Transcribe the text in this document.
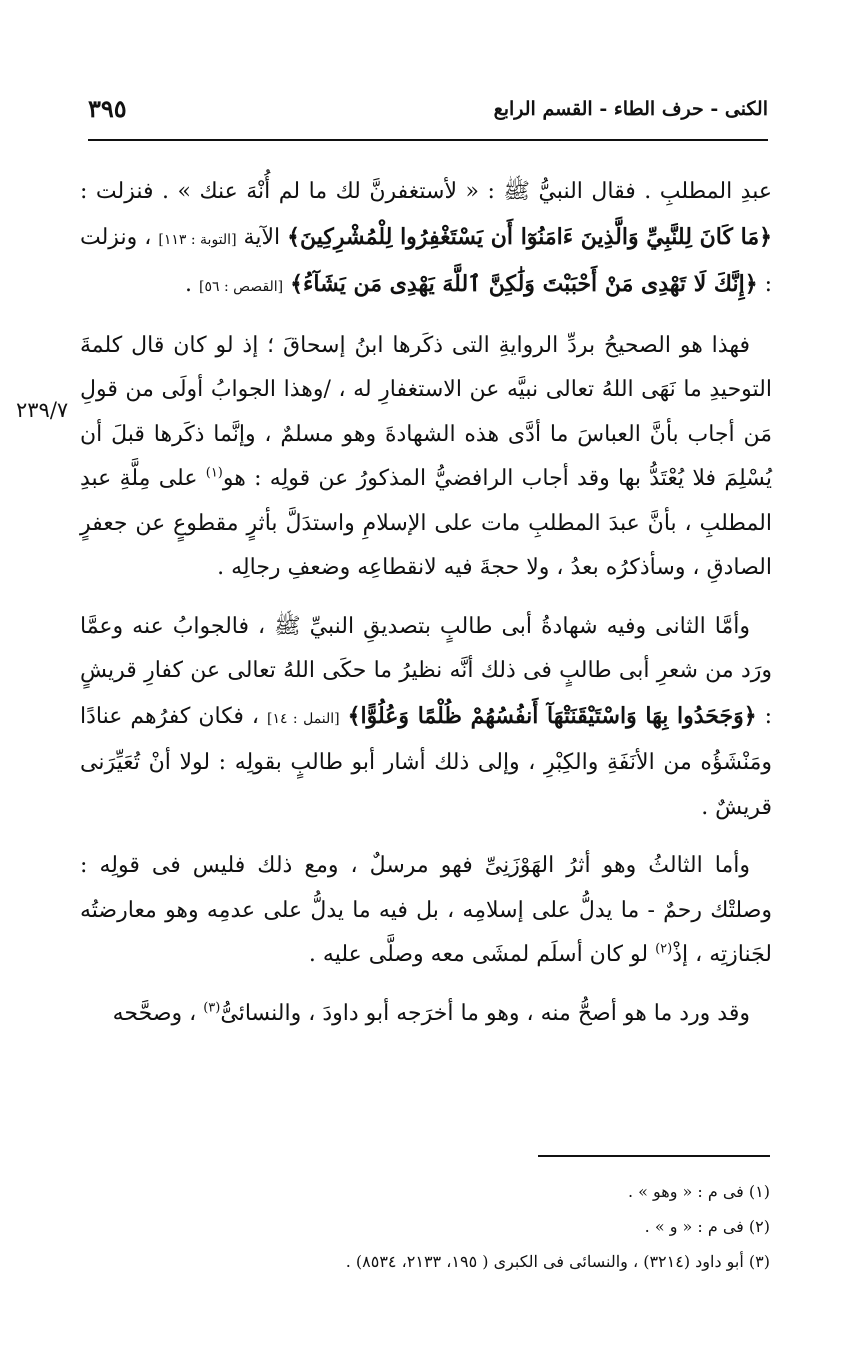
الكنى - حرف الطاء - القسم الرابع
٣٩٥
٢٣٩/٧

عبدِ المطلبِ . فقال النبيُّ ﷺ : « لأستغفرنَّ لك ما لم أُنْهَ عنك » . فنزلت : ﴿مَا كَانَ لِلنَّبِيِّ وَالَّذِينَ ءَامَنُوٓا أَن يَسْتَغْفِرُوا لِلْمُشْرِكِينَ﴾ الآية [التوبة : ١١٣] ، ونزلت : ﴿إِنَّكَ لَا تَهْدِى مَنْ أَحْبَبْتَ وَلَٰكِنَّ ٱللَّهَ يَهْدِى مَن يَشَآءُ﴾ [القصص : ٥٦] .

فهذا هو الصحيحُ بردِّ الروايةِ التى ذكَرها ابنُ إسحاقَ ؛ إذ لو كان قال كلمةَ التوحيدِ ما نَهَى اللهُ تعالى نبيَّه عن الاستغفارِ له ، /وهذا الجوابُ أولَى من قولِ مَن أجاب بأنَّ العباسَ ما أدَّى هذه الشهادةَ وهو مسلمٌ ، وإنَّما ذكَرها قبلَ أن يُسْلِمَ فلا يُعْتَدُّ بها وقد أجاب الرافضيُّ المذكورُ عن قولِه : هو$^{(١)}$ على مِلَّةِ عبدِ المطلبِ ، بأنَّ عبدَ المطلبِ مات على الإسلامِ واستدَلَّ بأثرٍ مقطوعٍ عن جعفرٍ الصادقِ ، وسأذكرُه بعدُ ، ولا حجةَ فيه لانقطاعِه وضعفِ رجالِه .

وأمَّا الثانى وفيه شهادةُ أبى طالبٍ بتصديقِ النبيِّ ﷺ ، فالجوابُ عنه وعمَّا ورَد من شعرِ أبى طالبٍ فى ذلك أنَّه نظيرُ ما حكَى اللهُ تعالى عن كفارِ قريشٍ : ﴿وَجَحَدُوا بِهَا وَاسْتَيْقَنَتْهَآ أَنفُسُهُمْ ظُلْمًا وَعُلُوًّا﴾ [النمل : ١٤] ، فكان كفرُهم عنادًا ومَنْشَؤُه من الأنَفَةِ والكِبْرِ ، وإلى ذلك أشار أبو طالبٍ بقولِه : لولا أنْ تُعَيِّرَنى قريشٌ .

وأما الثالثُ وهو أثرُ الهَوْزَنِىِّ فهو مرسلٌ ، ومع ذلك فليس فى قولِه : وصلتْك رحمٌ - ما يدلُّ على إسلامِه ، بل فيه ما يدلُّ على عدمِه وهو معارضتُه لجَنازتِه ، إذْ$^{(٢)}$ لو كان أسلَم لمشَى معه وصلَّى عليه .

وقد ورد ما هو أصحُّ منه ، وهو ما أخرَجه أبو داودَ ، والنسائىُّ$^{(٣)}$ ، وصحَّحه

(١) فى م : « وهو » .
(٢) فى م : « و » .
(٣) أبو داود (٣٢١٤) ، والنسائى فى الكبرى ( ١٩٥، ٢١٣٣، ٨٥٣٤) .
